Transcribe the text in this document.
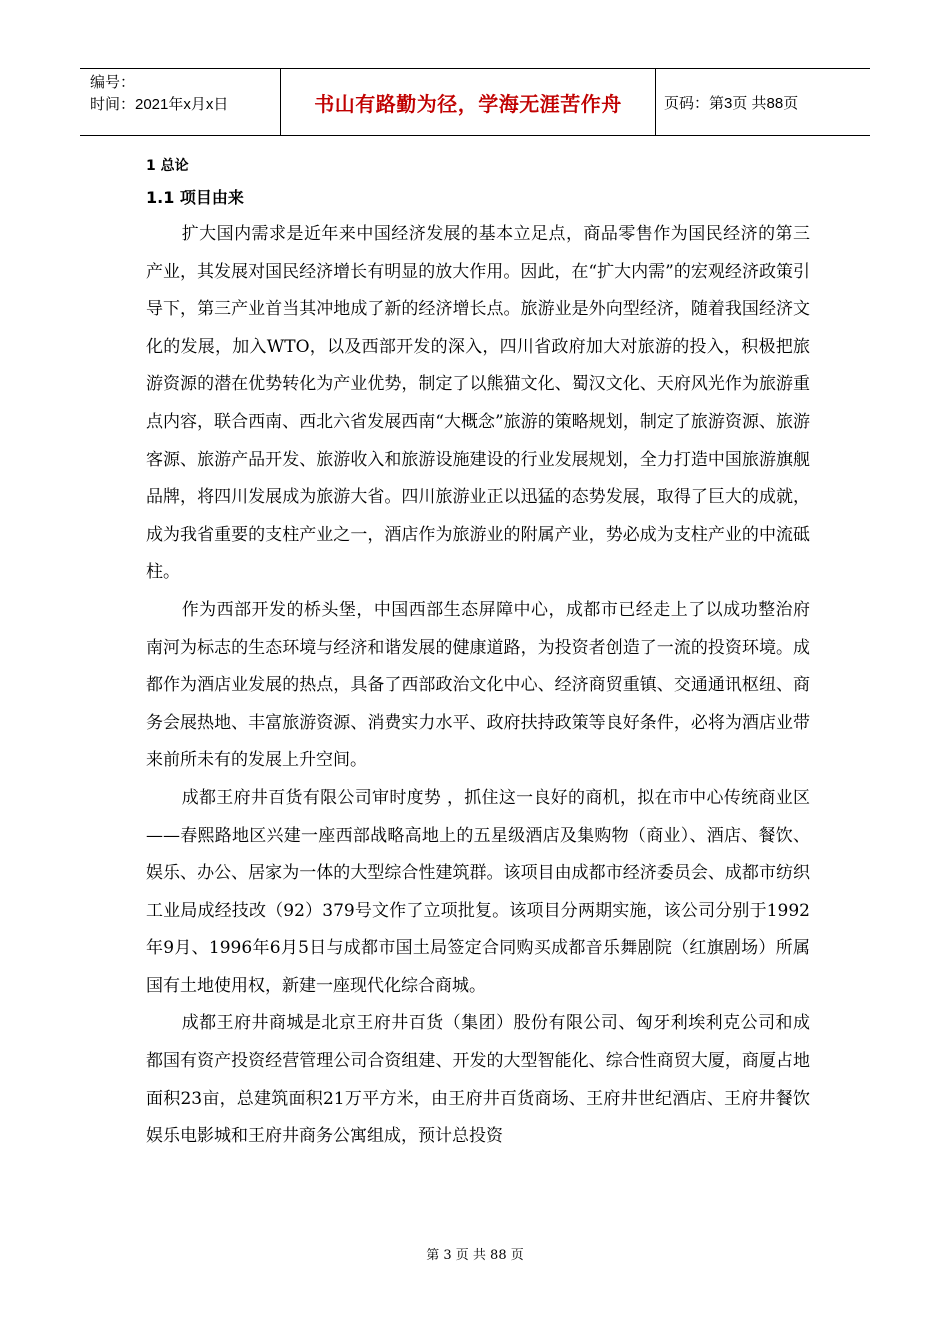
编号：
时间：2021年x月x日	书山有路勤为径，学海无涯苦作舟	页码：第3页 共88页
1 总论
1.1 项目由来

扩大国内需求是近年来中国经济发展的基本立足点，商品零售作为国民经济的第三产业，其发展对国民经济增长有明显的放大作用。因此，在“扩大内需”的宏观经济政策引导下，第三产业首当其冲地成了新的经济增长点。旅游业是外向型经济，随着我国经济文化的发展，加入WTO，以及西部开发的深入，四川省政府加大对旅游的投入，积极把旅游资源的潜在优势转化为产业优势，制定了以熊猫文化、蜀汉文化、天府风光作为旅游重点内容，联合西南、西北六省发展西南“大概念”旅游的策略规划，制定了旅游资源、旅游客源、旅游产品开发、旅游收入和旅游设施建设的行业发展规划，全力打造中国旅游旗舰品牌，将四川发展成为旅游大省。四川旅游业正以迅猛的态势发展，取得了巨大的成就，成为我省重要的支柱产业之一，酒店作为旅游业的附属产业，势必成为支柱产业的中流砥柱。

作为西部开发的桥头堡，中国西部生态屏障中心，成都市已经走上了以成功整治府南河为标志的生态环境与经济和谐发展的健康道路，为投资者创造了一流的投资环境。成都作为酒店业发展的热点，具备了西部政治文化中心、经济商贸重镇、交通通讯枢纽、商务会展热地、丰富旅游资源、消费实力水平、政府扶持政策等良好条件，必将为酒店业带来前所未有的发展上升空间。

成都王府井百货有限公司审时度势 ，抓住这一良好的商机，拟在市中心传统商业区——春熙路地区兴建一座西部战略高地上的五星级酒店及集购物（商业）、酒店、餐饮、娱乐、办公、居家为一体的大型综合性建筑群。该项目由成都市经济委员会、成都市纺织工业局成经技改（92）379号文作了立项批复。该项目分两期实施，该公司分别于1992年9月、1996年6月5日与成都市国土局签定合同购买成都音乐舞剧院（红旗剧场）所属国有土地使用权，新建一座现代化综合商城。

成都王府井商城是北京王府井百货（集团）股份有限公司、匈牙利埃利克公司和成都国有资产投资经营管理公司合资组建、开发的大型智能化、综合性商贸大厦，商厦占地面积23亩，总建筑面积21万平方米，由王府井百货商场、王府井世纪酒店、王府井餐饮娱乐电影城和王府井商务公寓组成，预计总投资

第 3 页 共 88 页
